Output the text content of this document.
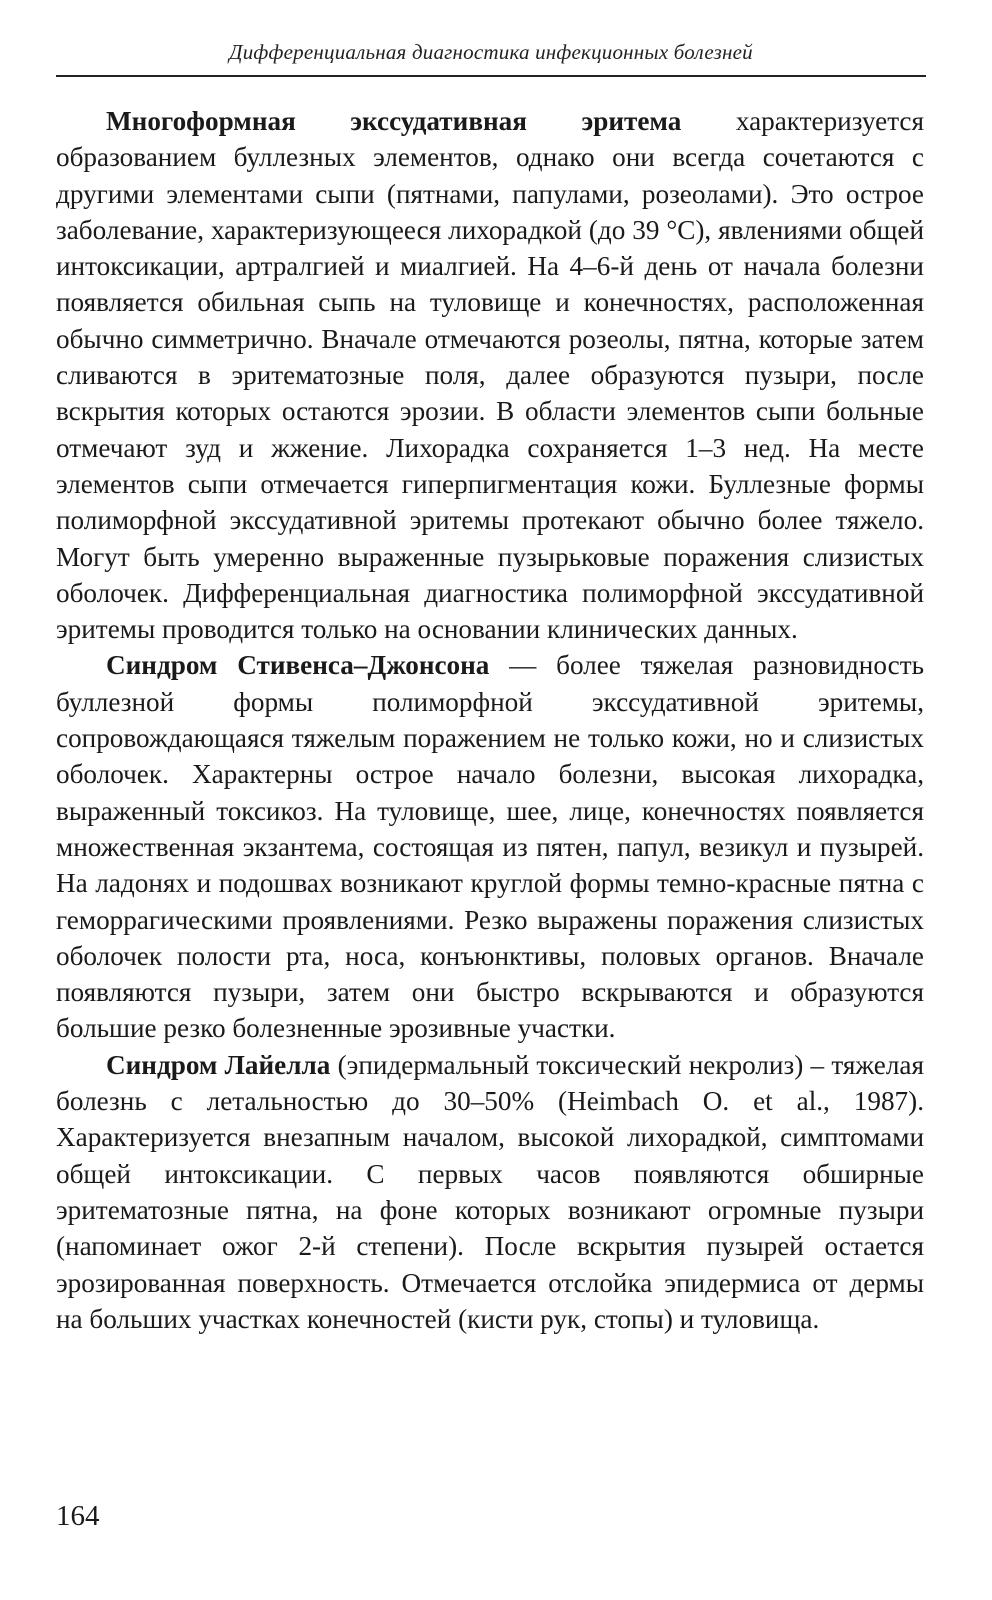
Дифференциальная диагностика инфекционных болезней

Многоформная экссудативная эритема характеризуется образованием буллезных элементов, однако они всегда сочетаются с другими элементами сыпи (пятнами, папулами, розеолами). Это острое заболевание, характеризующееся лихорадкой (до 39 °С), явлениями общей интоксикации, артралгией и миалгией. На 4–6-й день от начала болезни появляется обильная сыпь на туловище и конечностях, расположенная обычно симметрично. Вначале отмечаются розеолы, пятна, которые затем сливаются в эритематозные поля, далее образуются пузыри, после вскрытия которых остаются эрозии. В области элементов сыпи больные отмечают зуд и жжение. Лихорадка сохраняется 1–3 нед. На месте элементов сыпи отмечается гиперпигментация кожи. Буллезные формы полиморфной экссудативной эритемы протекают обычно более тяжело. Могут быть умеренно выраженные пузырьковые поражения слизистых оболочек. Дифференциальная диагностика полиморфной экссудативной эритемы проводится только на основании клинических данных.

Синдром Стивенса–Джонсона — более тяжелая разновидность буллезной формы полиморфной экссудативной эритемы, сопровождающаяся тяжелым поражением не только кожи, но и слизистых оболочек. Характерны острое начало болезни, высокая лихорадка, выраженный токсикоз. На туловище, шее, лице, конечностях появляется множественная экзантема, состоящая из пятен, папул, везикул и пузырей. На ладонях и подошвах возникают круглой формы темно-красные пятна с геморрагическими проявлениями. Резко выражены поражения слизистых оболочек полости рта, носа, конъюнктивы, половых органов. Вначале появляются пузыри, затем они быстро вскрываются и образуются большие резко болезненные эрозивные участки.

Синдром Лайелла (эпидермальный токсический некролиз) – тяжелая болезнь с летальностью до 30–50% (Heimbach O. et al., 1987). Характеризуется внезапным началом, высокой лихорадкой, симптомами общей интоксикации. С первых часов появляются обширные эритематозные пятна, на фоне которых возникают огромные пузыри (напоминает ожог 2-й степени). После вскрытия пузырей остается эрозированная поверхность. Отмечается отслойка эпидермиса от дермы на больших участках конечностей (кисти рук, стопы) и туловища.

164
